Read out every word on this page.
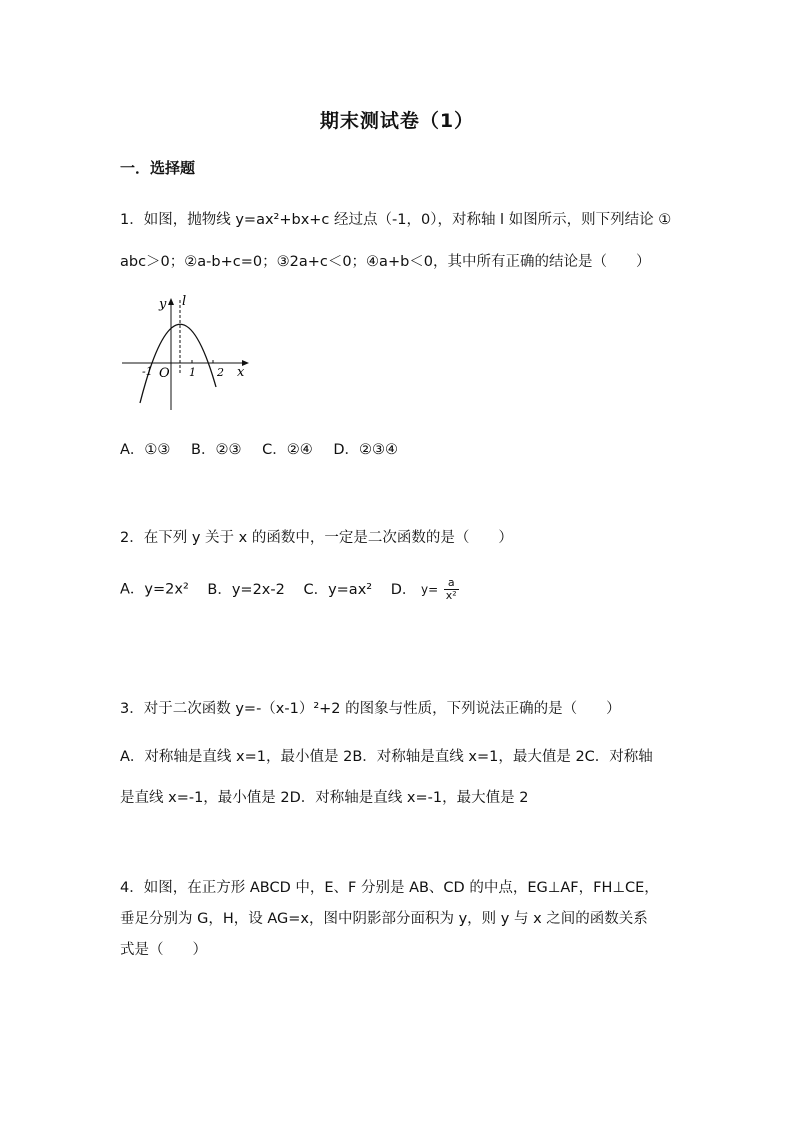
期末测试卷（1）
一．选择题
1．如图，抛物线 y=ax²+bx+c 经过点（-1，0），对称轴 l 如图所示，则下列结论 ①
abc＞0；②a-b+c=0；③2a+c＜0；④a+b＜0，其中所有正确的结论是（　　）
y l
x
O
-1	1 2
A．①③ B．②③ C．②④ D．②③④
2．在下列 y 关于 x 的函数中，一定是二次函数的是（　　）
A．y=2x² B．y=2x-2 C．y=ax² D． $y= \frac{a}{\text{x²}}$
3．对于二次函数 y=-（x-1）²+2 的图象与性质，下列说法正确的是（　　）
A．对称轴是直线 x=1，最小值是 2B．对称轴是直线 x=1，最大值是 2C．对称轴
是直线 x=-1，最小值是 2D．对称轴是直线 x=-1，最大值是 2
4．如图，在正方形 ABCD 中，E、F 分别是 AB、CD 的中点，EG⊥AF，FH⊥CE，
垂足分别为 G，H，设 AG=x，图中阴影部分面积为 y，则 y 与 x 之间的函数关系
式是（　　）
